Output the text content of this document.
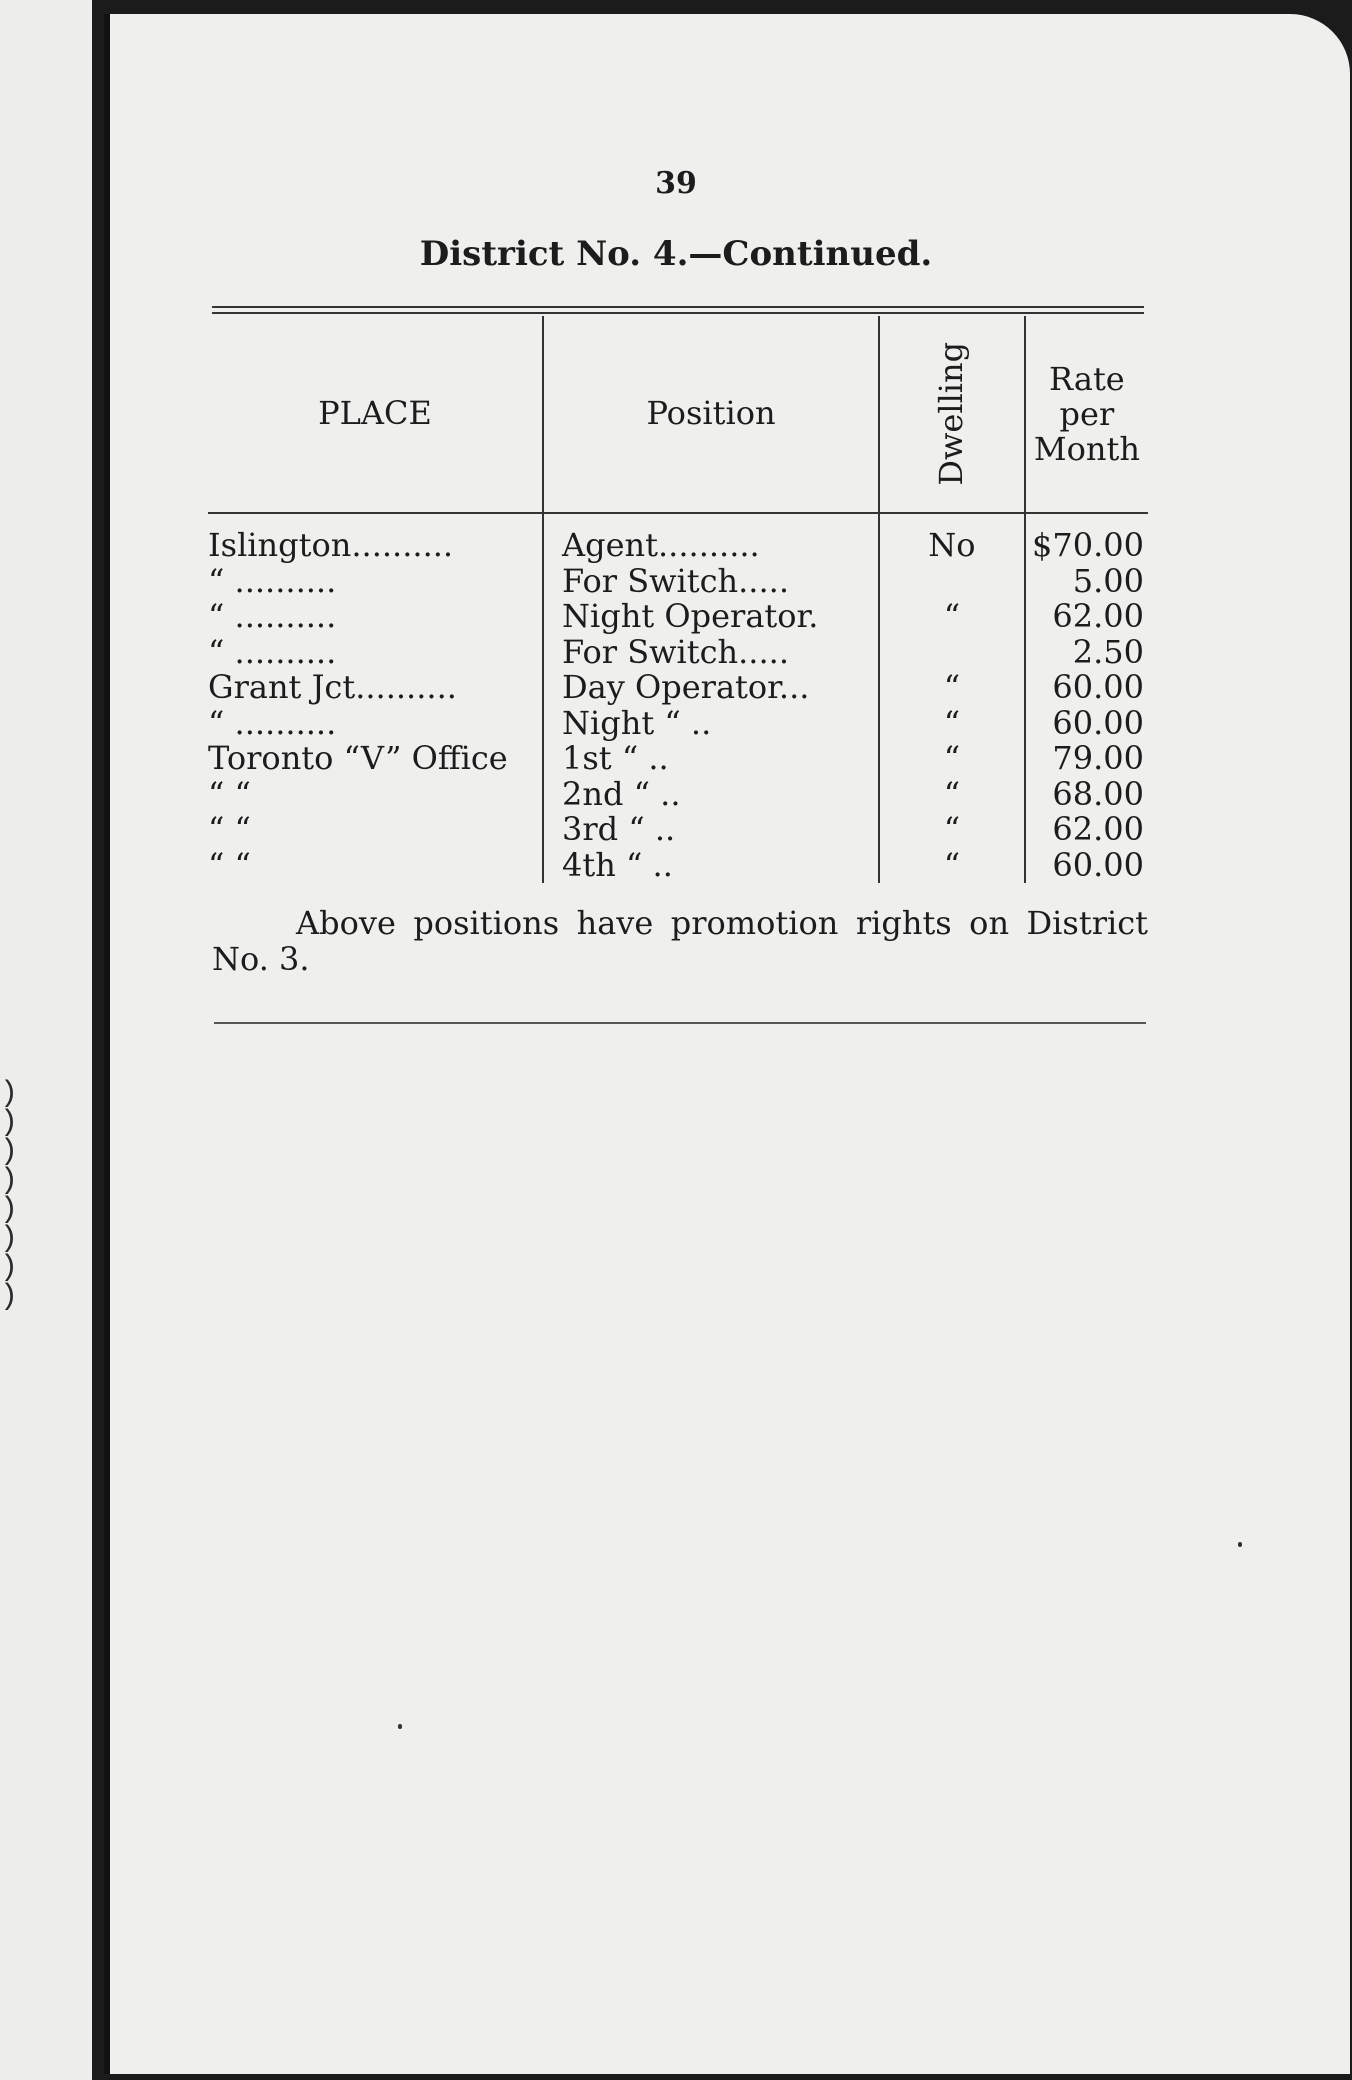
)
)
)
)
)
)
)
)
39
District No. 4.—Continued.
PLACE	Position	Dwelling	Rate
per
Month

Islington..........	Agent..........	No	$70.00
“ ..........	For Switch.....		5.00
“ ..........	Night Operator.	“	62.00
“ ..........	For Switch.....		2.50
Grant Jct..........	Day Operator...	“	60.00
“ ..........	Night “ ..	“	60.00
Toronto “V” Office	1st “ ..	“	79.00
“ “	2nd “ ..	“	68.00
“ “	3rd “ ..	“	62.00
“ “	4th “ ..	“	60.00
Above positions have promotion rights on District No. 3.
